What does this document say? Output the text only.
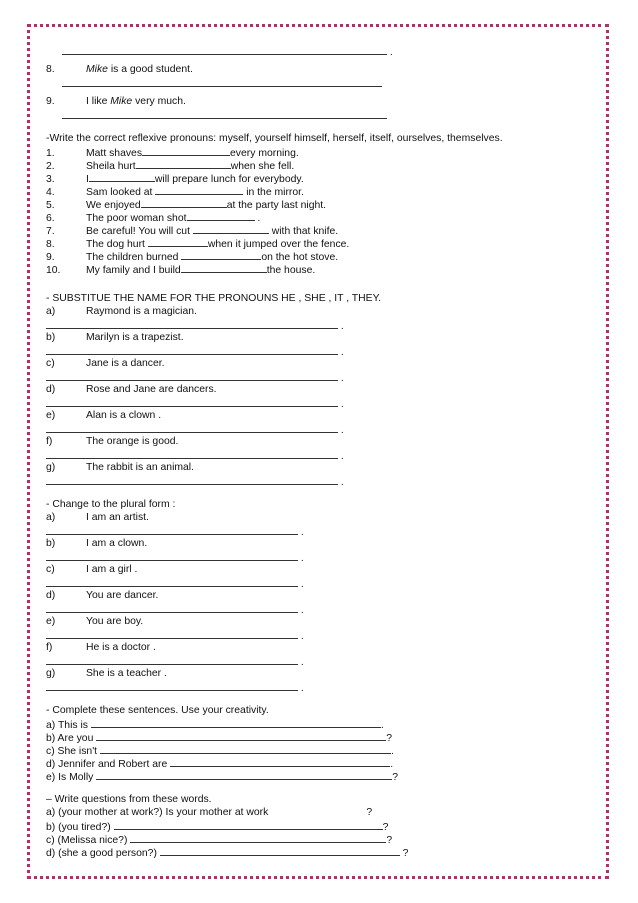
.
8.	Mike is a good student.
9.	I like Mike very much.
-Write the correct reflexive pronouns: myself, yourself himself, herself, itself, ourselves, themselves.
1.	Matt shaves	every morning.
2.	Sheila hurt	when she fell.
3.	I	will prepare lunch for everybody.
4.	Sam looked at	in the mirror.
5.	We enjoyed	at the party last night.
6.	The poor woman shot	.
7.	Be careful! You will cut	with that knife.
8.	The dog hurt	when it jumped over the fence.
9.	The children burned	on the hot stove.
10. My family and I build	the house.
- SUBSTITUE THE NAME FOR THE PRONOUNS HE , SHE , IT , THEY.
a)	Raymond is a magician.
.
b)	Marilyn is a trapezist.
.
c)	Jane is a dancer.
.
d)	Rose and Jane are dancers.
.
e)	Alan is a clown .
.
f)	The orange is good.
.
g)	The rabbit is an animal.
.
- Change to the plural form :
a)	I am an artist.
.
b)	I am a clown.
.
c)	I am a girl .
.
d)	You are dancer.
.
e)	You are boy.
.
f)	He is a doctor .
.
g)	She is a teacher .
.
- Complete these sentences. Use your creativity.
a) This is	.
b) Are you	?
c) She isn't	.
d) Jennifer and Robert are	.
e) Is Molly	?
– Write questions from these words.
a) (your mother at work?) Is your mother at work	?
b) (you tired?)	?
c) (Melissa nice?)	?
d) (she a good person?)	?
